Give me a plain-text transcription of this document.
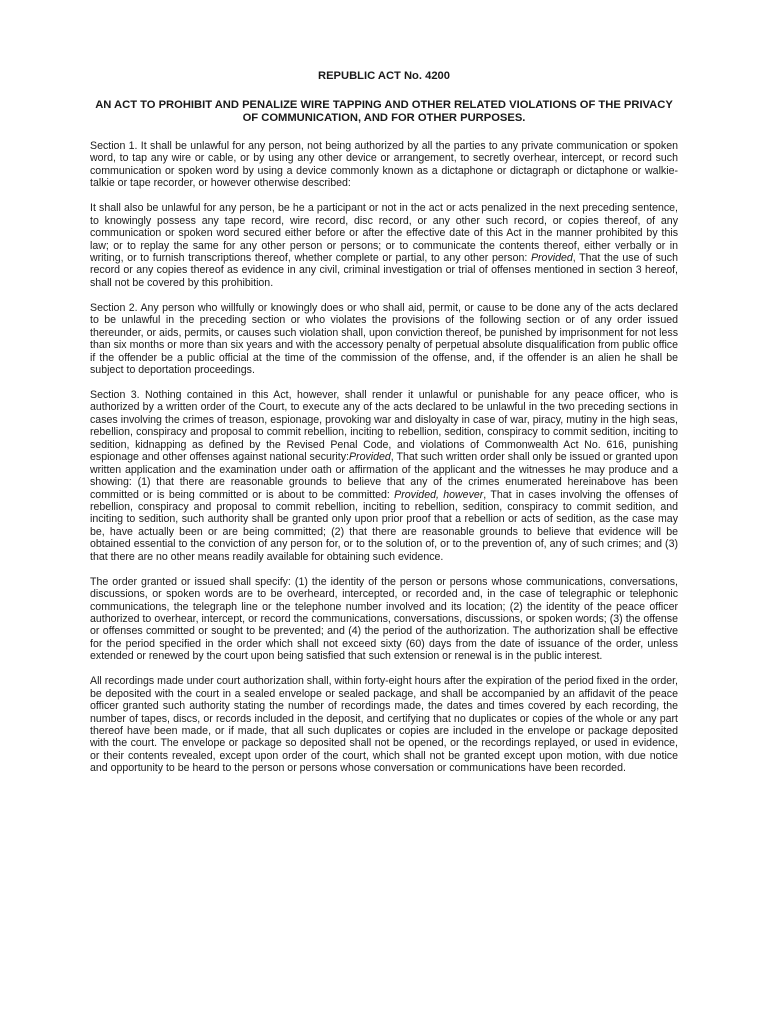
REPUBLIC ACT No. 4200
AN ACT TO PROHIBIT AND PENALIZE WIRE TAPPING AND OTHER RELATED VIOLATIONS OF THE PRIVACY OF COMMUNICATION, AND FOR OTHER PURPOSES.

Section 1. It shall be unlawful for any person, not being authorized by all the parties to any private communication or spoken word, to tap any wire or cable, or by using any other device or arrangement, to secretly overhear, intercept, or record such communication or spoken word by using a device commonly known as a dictaphone or dictagraph or dictaphone or walkie-talkie or tape recorder, or however otherwise described:

It shall also be unlawful for any person, be he a participant or not in the act or acts penalized in the next preceding sentence, to knowingly possess any tape record, wire record, disc record, or any other such record, or copies thereof, of any communication or spoken word secured either before or after the effective date of this Act in the manner prohibited by this law; or to replay the same for any other person or persons; or to communicate the contents thereof, either verbally or in writing, or to furnish transcriptions thereof, whether complete or partial, to any other person: Provided, That the use of such record or any copies thereof as evidence in any civil, criminal investigation or trial of offenses mentioned in section 3 hereof, shall not be covered by this prohibition.

Section 2. Any person who willfully or knowingly does or who shall aid, permit, or cause to be done any of the acts declared to be unlawful in the preceding section or who violates the provisions of the following section or of any order issued thereunder, or aids, permits, or causes such violation shall, upon conviction thereof, be punished by imprisonment for not less than six months or more than six years and with the accessory penalty of perpetual absolute disqualification from public office if the offender be a public official at the time of the commission of the offense, and, if the offender is an alien he shall be subject to deportation proceedings.

Section 3. Nothing contained in this Act, however, shall render it unlawful or punishable for any peace officer, who is authorized by a written order of the Court, to execute any of the acts declared to be unlawful in the two preceding sections in cases involving the crimes of treason, espionage, provoking war and disloyalty in case of war, piracy, mutiny in the high seas, rebellion, conspiracy and proposal to commit rebellion, inciting to rebellion, sedition, conspiracy to commit sedition, inciting to sedition, kidnapping as defined by the Revised Penal Code, and violations of Commonwealth Act No. 616, punishing espionage and other offenses against national security:Provided, That such written order shall only be issued or granted upon written application and the examination under oath or affirmation of the applicant and the witnesses he may produce and a showing: (1) that there are reasonable grounds to believe that any of the crimes enumerated hereinabove has been committed or is being committed or is about to be committed: Provided, however, That in cases involving the offenses of rebellion, conspiracy and proposal to commit rebellion, inciting to rebellion, sedition, conspiracy to commit sedition, and inciting to sedition, such authority shall be granted only upon prior proof that a rebellion or acts of sedition, as the case may be, have actually been or are being committed; (2) that there are reasonable grounds to believe that evidence will be obtained essential to the conviction of any person for, or to the solution of, or to the prevention of, any of such crimes; and (3) that there are no other means readily available for obtaining such evidence.

The order granted or issued shall specify: (1) the identity of the person or persons whose communications, conversations, discussions, or spoken words are to be overheard, intercepted, or recorded and, in the case of telegraphic or telephonic communications, the telegraph line or the telephone number involved and its location; (2) the identity of the peace officer authorized to overhear, intercept, or record the communications, conversations, discussions, or spoken words; (3) the offense or offenses committed or sought to be prevented; and (4) the period of the authorization. The authorization shall be effective for the period specified in the order which shall not exceed sixty (60) days from the date of issuance of the order, unless extended or renewed by the court upon being satisfied that such extension or renewal is in the public interest.

All recordings made under court authorization shall, within forty-eight hours after the expiration of the period fixed in the order, be deposited with the court in a sealed envelope or sealed package, and shall be accompanied by an affidavit of the peace officer granted such authority stating the number of recordings made, the dates and times covered by each recording, the number of tapes, discs, or records included in the deposit, and certifying that no duplicates or copies of the whole or any part thereof have been made, or if made, that all such duplicates or copies are included in the envelope or package deposited with the court. The envelope or package so deposited shall not be opened, or the recordings replayed, or used in evidence, or their contents revealed, except upon order of the court, which shall not be granted except upon motion, with due notice and opportunity to be heard to the person or persons whose conversation or communications have been recorded.
